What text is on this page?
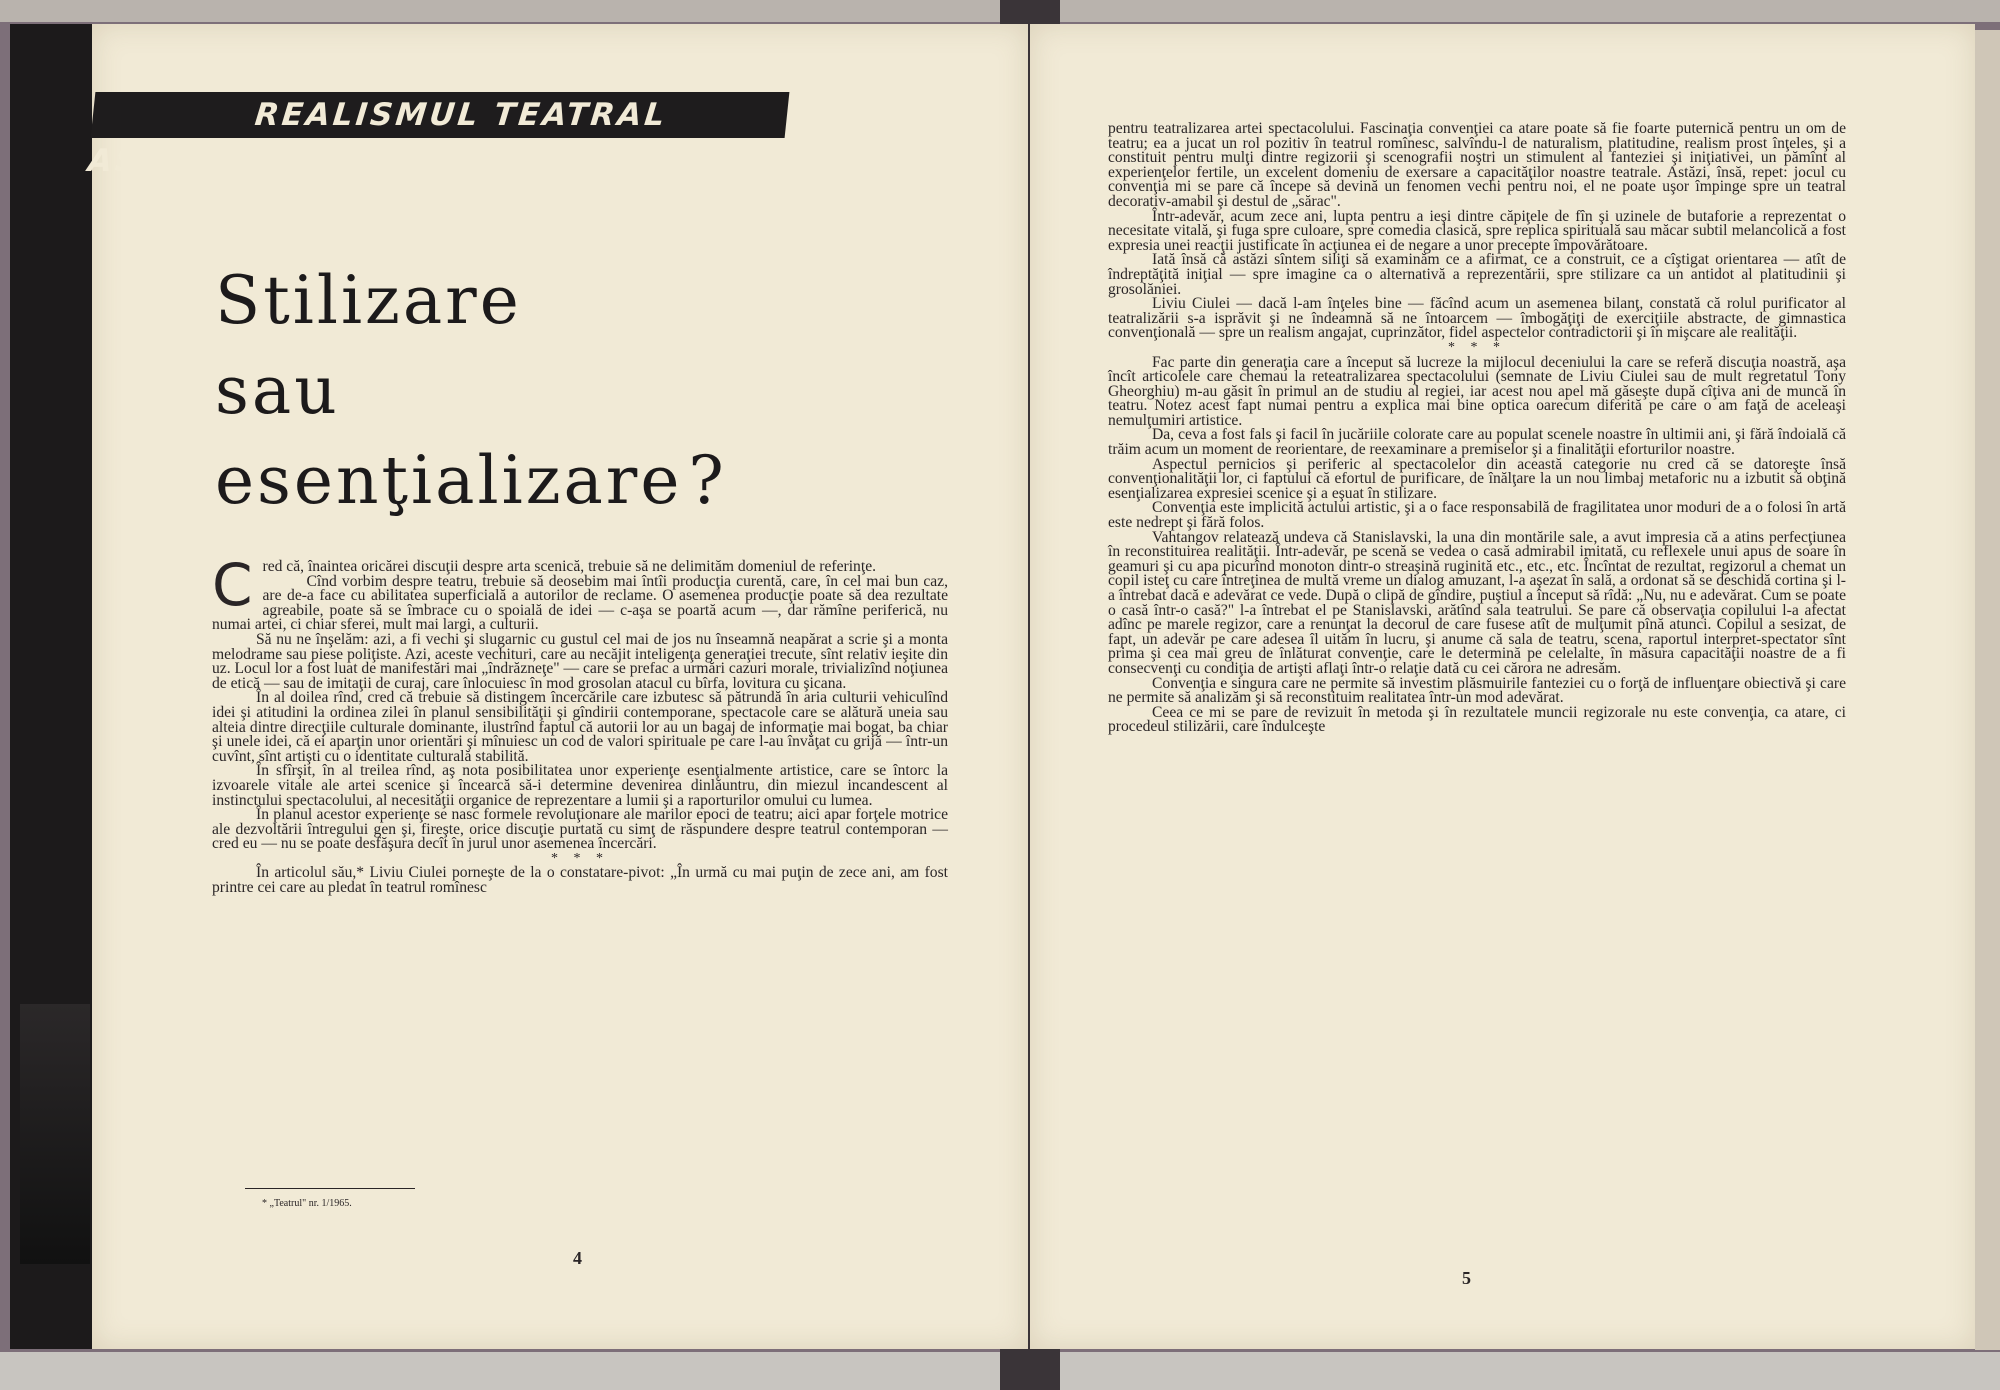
REALISMUL TEATRAL ASTĂZI
Stilizare
sau
esenţializare?

Cred că, înaintea oricărei discuţii despre arta scenică, trebuie să ne delimităm domeniul de referinţe.

Cînd vorbim despre teatru, trebuie să deosebim mai întîi producţia curentă, care, în cel mai bun caz, are de-a face cu abilitatea superficială a autorilor de reclame. O asemenea producţie poate să dea rezultate agreabile, poate să se îmbrace cu o spoială de idei — c-aşa se poartă acum —, dar rămîne periferică, nu numai artei, ci chiar sferei, mult mai largi, a culturii.

Să nu ne înşelăm: azi, a fi vechi şi slugarnic cu gustul cel mai de jos nu înseamnă neapărat a scrie şi a monta melodrame sau piese poliţiste. Azi, aceste vechituri, care au necăjit inteligenţa generaţiei trecute, sînt relativ ieşite din uz. Locul lor a fost luat de manifestări mai „îndrăzneţe" — care se prefac a urmări cazuri morale, trivializînd noţiunea de etică — sau de imitaţii de curaj, care înlocuiesc în mod grosolan atacul cu bîrfa, lovitura cu şicana.

În al doilea rînd, cred că trebuie să distingem încercările care izbutesc să pătrundă în aria culturii vehiculînd idei şi atitudini la ordinea zilei în planul sensibilităţii şi gîndirii contemporane, spectacole care se alătură uneia sau alteia dintre direcţiile culturale dominante, ilustrînd faptul că autorii lor au un bagaj de informaţie mai bogat, ba chiar şi unele idei, că ei aparţin unor orientări şi mînuiesc un cod de valori spirituale pe care l-au învăţat cu grijă — într-un cuvînt, sînt artişti cu o identitate culturală stabilită.

În sfîrşit, în al treilea rînd, aş nota posibilitatea unor experienţe esenţialmente artistice, care se întorc la izvoarele vitale ale artei scenice şi încearcă să-i determine devenirea dinlăuntru, din miezul incandescent al instinctului spectacolului, al necesităţii organice de reprezentare a lumii şi a raporturilor omului cu lumea.

În planul acestor experienţe se nasc formele revoluţionare ale marilor epoci de teatru; aici apar forţele motrice ale dezvoltării întregului gen şi, fireşte, orice discuţie purtată cu simţ de răspundere despre teatrul contemporan — cred eu — nu se poate desfăşura decît în jurul unor asemenea încercări.

* * *

În articolul său,* Liviu Ciulei porneşte de la o constatare-pivot: „În urmă cu mai puţin de zece ani, am fost printre cei care au pledat în teatrul romînesc

* „Teatrul" nr. 1/1965.
4

pentru teatralizarea artei spectacolului. Fascinaţia convenţiei ca atare poate să fie foarte puternică pentru un om de teatru; ea a jucat un rol pozitiv în teatrul romînesc, salvîndu-l de naturalism, platitudine, realism prost înţeles, şi a constituit pentru mulţi dintre regizorii şi scenografii noştri un stimulent al fanteziei şi iniţiativei, un pămînt al experienţelor fertile, un excelent domeniu de exersare a capacităţilor noastre teatrale. Astăzi, însă, repet: jocul cu convenţia mi se pare că începe să devină un fenomen vechi pentru noi, el ne poate uşor împinge spre un teatral decorativ-amabil şi destul de „sărac".

Într-adevăr, acum zece ani, lupta pentru a ieşi dintre căpiţele de fîn şi uzinele de butaforie a reprezentat o necesitate vitală, şi fuga spre culoare, spre comedia clasică, spre replica spirituală sau măcar subtil melancolică a fost expresia unei reacţii justificate în acţiunea ei de negare a unor precepte împovărătoare.

Iată însă că astăzi sîntem siliţi să examinăm ce a afirmat, ce a construit, ce a cîştigat orientarea — atît de îndreptăţită iniţial — spre imagine ca o alternativă a reprezentării, spre stilizare ca un antidot al platitudinii şi grosolăniei.

Liviu Ciulei — dacă l-am înţeles bine — făcînd acum un asemenea bilanţ, constată că rolul purificator al teatralizării s-a isprăvit şi ne îndeamnă să ne întoarcem — îmbogăţiţi de exerciţiile abstracte, de gimnastica convenţională — spre un realism angajat, cuprinzător, fidel aspectelor contradictorii şi în mişcare ale realităţii.

* * *

Fac parte din generaţia care a început să lucreze la mijlocul deceniului la care se referă discuţia noastră, aşa încît articolele care chemau la reteatralizarea spectacolului (semnate de Liviu Ciulei sau de mult regretatul Tony Gheorghiu) m-au găsit în primul an de studiu al regiei, iar acest nou apel mă găseşte după cîţiva ani de muncă în teatru. Notez acest fapt numai pentru a explica mai bine optica oarecum diferită pe care o am faţă de aceleaşi nemulţumiri artistice.

Da, ceva a fost fals şi facil în jucăriile colorate care au populat scenele noastre în ultimii ani, şi fără îndoială că trăim acum un moment de reorientare, de reexaminare a premiselor şi a finalităţii eforturilor noastre.

Aspectul pernicios şi periferic al spectacolelor din această categorie nu cred că se datoreşte însă convenţionalităţii lor, ci faptului că efortul de purificare, de înălţare la un nou limbaj metaforic nu a izbutit să obţină esenţializarea expresiei scenice şi a eşuat în stilizare.

Convenţia este implicită actului artistic, şi a o face responsabilă de fragilitatea unor moduri de a o folosi în artă este nedrept şi fără folos.

Vahtangov relatează undeva că Stanislavski, la una din montările sale, a avut impresia că a atins perfecţiunea în reconstituirea realităţii. Într-adevăr, pe scenă se vedea o casă admirabil imitată, cu reflexele unui apus de soare în geamuri şi cu apa picurînd monoton dintr-o streaşină ruginită etc., etc., etc. Încîntat de rezultat, regizorul a chemat un copil isteţ cu care întreţinea de multă vreme un dialog amuzant, l-a aşezat în sală, a ordonat să se deschidă cortina şi l-a întrebat dacă e adevărat ce vede. După o clipă de gîndire, puştiul a început să rîdă: „Nu, nu e adevărat. Cum se poate o casă într-o casă?" l-a întrebat el pe Stanislavski, arătînd sala teatrului. Se pare că observaţia copilului l-a afectat adînc pe marele regizor, care a renunţat la decorul de care fusese atît de mulţumit pînă atunci. Copilul a sesizat, de fapt, un adevăr pe care adesea îl uităm în lucru, şi anume că sala de teatru, scena, raportul interpret-spectator sînt prima şi cea mai greu de înlăturat convenţie, care le determină pe celelalte, în măsura capacităţii noastre de a fi consecvenţi cu condiţia de artişti aflaţi într-o relaţie dată cu cei cărora ne adresăm.

Convenţia e singura care ne permite să investim plăsmuirile fanteziei cu o forţă de influenţare obiectivă şi care ne permite să analizăm şi să reconstituim realitatea într-un mod adevărat.

Ceea ce mi se pare de revizuit în metoda şi în rezultatele muncii regizorale nu este convenţia, ca atare, ci procedeul stilizării, care îndulceşte

5
